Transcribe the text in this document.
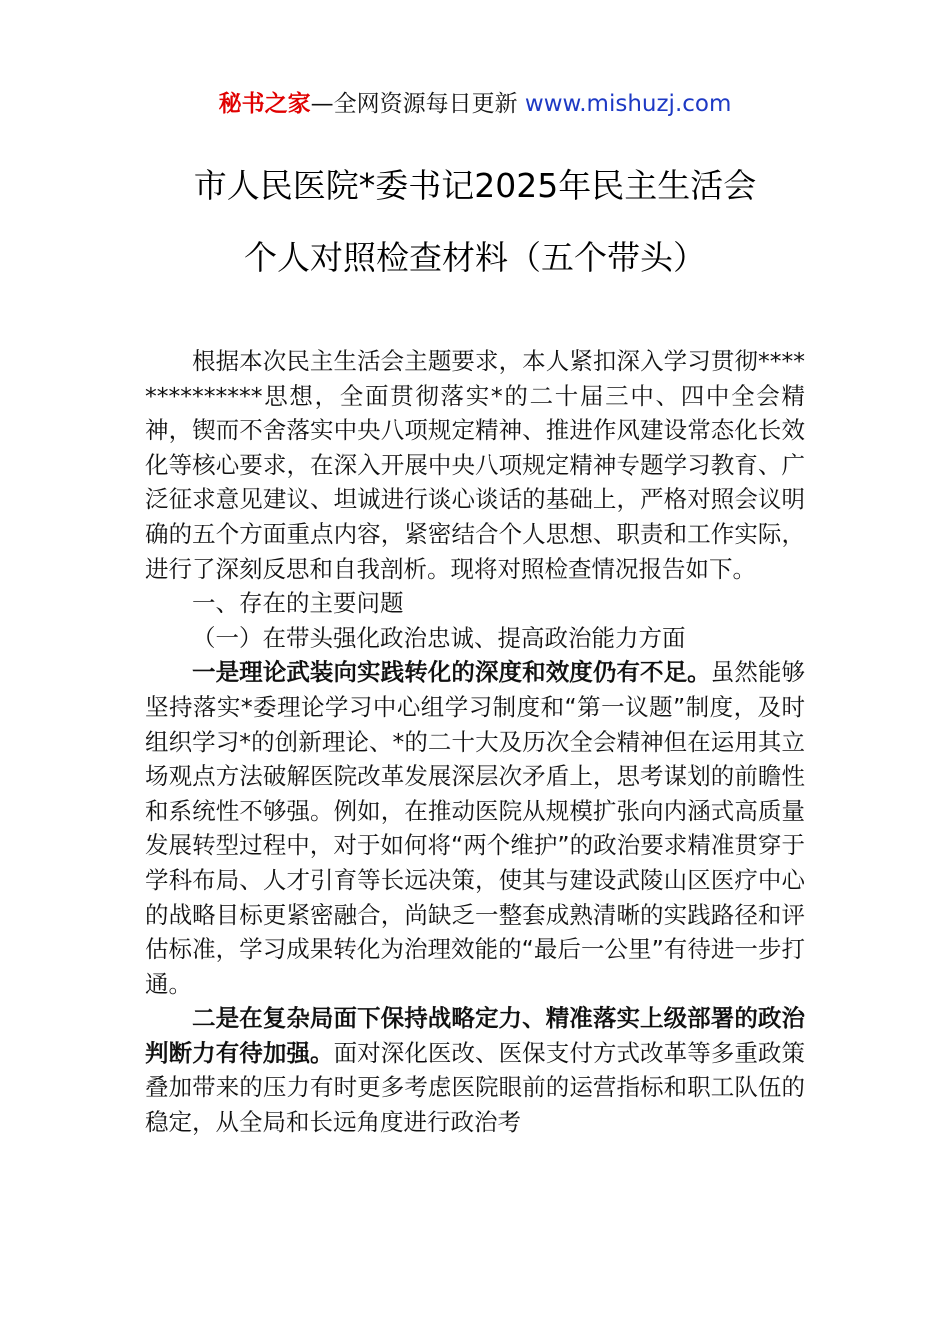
秘书之家—全网资源每日更新 www.mishuzj.com
市人民医院*委书记2025年民主生活会
个人对照检查材料（五个带头）

根据本次民主生活会主题要求，本人紧扣深入学习贯彻**************思想，全面贯彻落实*的二十届三中、四中全会精神，锲而不舍落实中央八项规定精神、推进作风建设常态化长效化等核心要求，在深入开展中央八项规定精神专题学习教育、广泛征求意见建议、坦诚进行谈心谈话的基础上，严格对照会议明确的五个方面重点内容，紧密结合个人思想、职责和工作实际，进行了深刻反思和自我剖析。现将对照检查情况报告如下。

一、存在的主要问题

（一）在带头强化政治忠诚、提高政治能力方面

一是理论武装向实践转化的深度和效度仍有不足。虽然能够坚持落实*委理论学习中心组学习制度和“第一议题”制度，及时组织学习*的创新理论、*的二十大及历次全会精神但在运用其立场观点方法破解医院改革发展深层次矛盾上，思考谋划的前瞻性和系统性不够强。例如，在推动医院从规模扩张向内涵式高质量发展转型过程中，对于如何将“两个维护”的政治要求精准贯穿于学科布局、人才引育等长远决策，使其与建设武陵山区医疗中心的战略目标更紧密融合，尚缺乏一整套成熟清晰的实践路径和评估标准，学习成果转化为治理效能的“最后一公里”有待进一步打通。

二是在复杂局面下保持战略定力、精准落实上级部署的政治判断力有待加强。面对深化医改、医保支付方式改革等多重政策叠加带来的压力有时更多考虑医院眼前的运营指标和职工队伍的稳定，从全局和长远角度进行政治考
